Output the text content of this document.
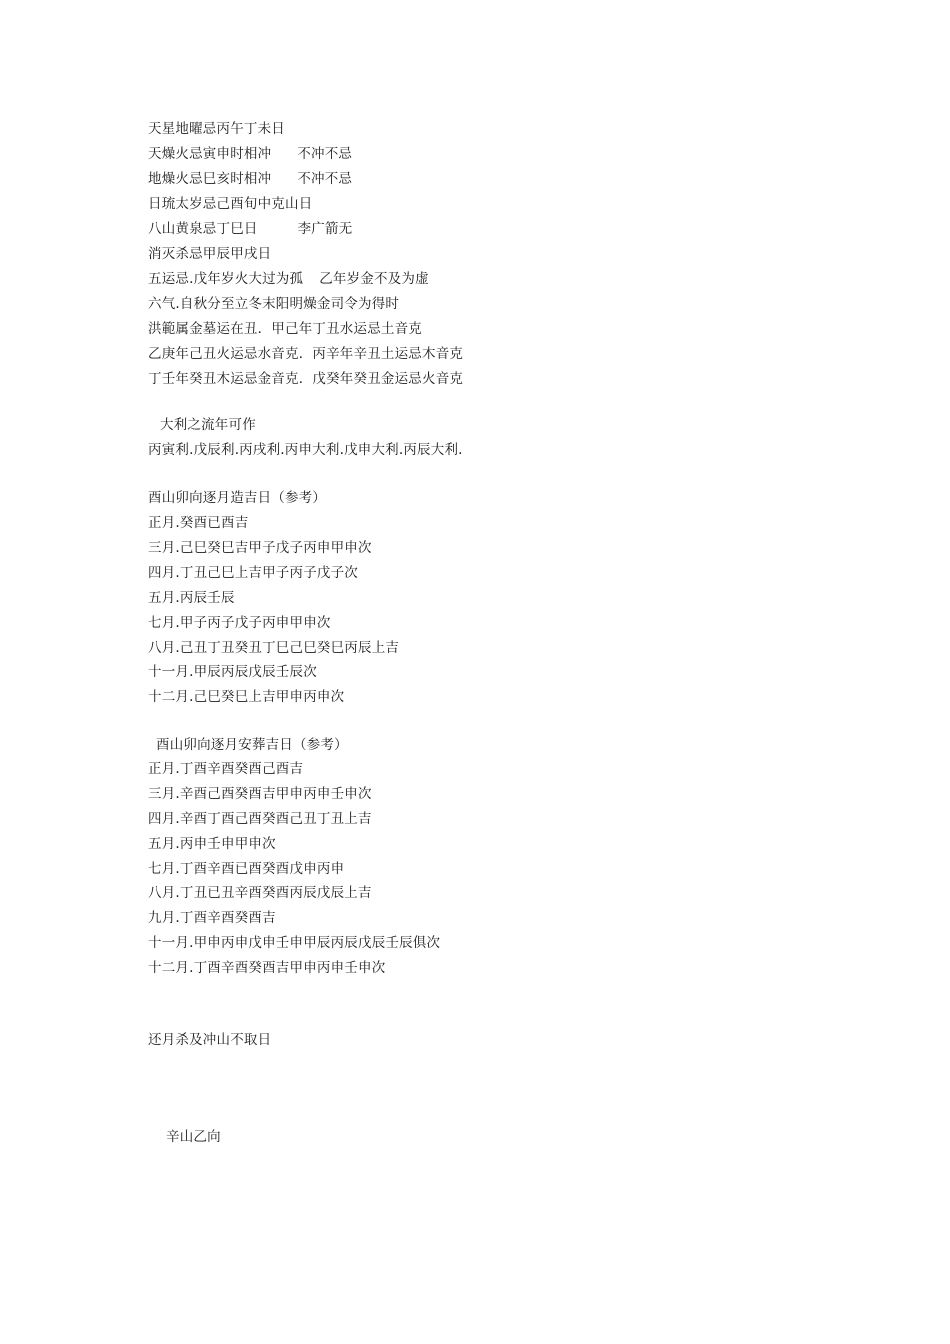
天星地曜忌丙午丁未日
天燥火忌寅申时相冲 不冲不忌
地燥火忌巳亥时相冲 不冲不忌
日琉太岁忌己酉旬中克山日
八山黄泉忌丁巳日	李广箭无
消灭杀忌甲辰甲戌日
五运忌.戊年岁火大过为孤 乙年岁金不及为虚
六气.自秋分至立冬末阳明燥金司令为得时
洪範属金墓运在丑．甲己年丁丑水运忌土音克
乙庚年己丑火运忌水音克．丙辛年辛丑土运忌木音克
丁壬年癸丑木运忌金音克．戊癸年癸丑金运忌火音克
大利之流年可作
丙寅利.戊辰利.丙戌利.丙申大利.戊申大利.丙辰大利.
酉山卯向逐月造吉日（参考）
正月.癸酉已酉吉
三月.己巳癸巳吉甲子戊子丙申甲申次
四月.丁丑己巳上吉甲子丙子戊子次
五月.丙辰壬辰
七月.甲子丙子戊子丙申甲申次
八月.己丑丁丑癸丑丁巳己巳癸巳丙辰上吉
十一月.甲辰丙辰戊辰壬辰次
十二月.己巳癸巳上吉甲申丙申次
酉山卯向逐月安葬吉日（参考）
正月.丁酉辛酉癸酉己酉吉
三月.辛酉己酉癸酉吉甲申丙申壬申次
四月.辛酉丁酉己酉癸酉己丑丁丑上吉
五月.丙申壬申甲申次
七月.丁酉辛酉已酉癸酉戊申丙申
八月.丁丑已丑辛酉癸酉丙辰戊辰上吉
九月.丁酉辛酉癸酉吉
十一月.甲申丙申戊申壬申甲辰丙辰戊辰壬辰俱次
十二月.丁酉辛酉癸酉吉甲申丙申壬申次
还月杀及冲山不取日
辛山乙向
